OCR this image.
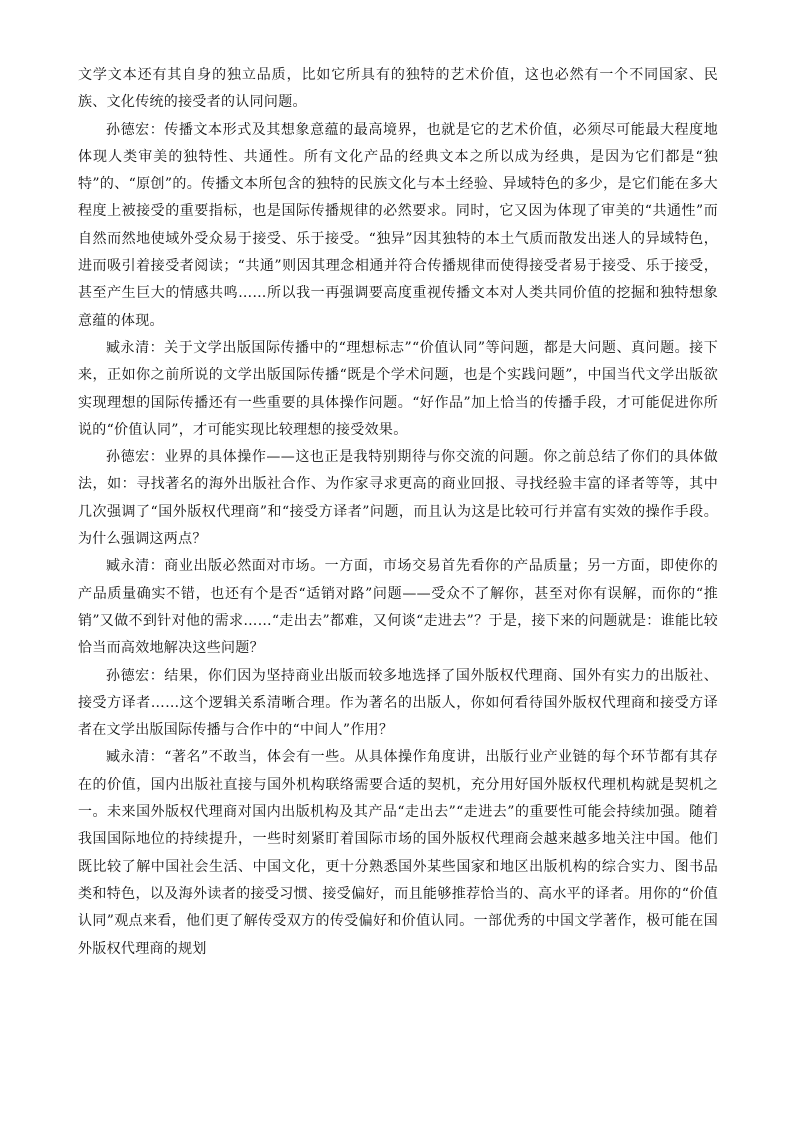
文学文本还有其自身的独立品质，比如它所具有的独特的艺术价值，这也必然有一个不同国家、民族、文化传统的接受者的认同问题。

孙德宏：传播文本形式及其想象意蕴的最高境界，也就是它的艺术价值，必须尽可能最大程度地体现人类审美的独特性、共通性。所有文化产品的经典文本之所以成为经典，是因为它们都是“独特”的、“原创”的。传播文本所包含的独特的民族文化与本土经验、异域特色的多少，是它们能在多大程度上被接受的重要指标，也是国际传播规律的必然要求。同时，它又因为体现了审美的“共通性”而自然而然地使域外受众易于接受、乐于接受。“独异”因其独特的本土气质而散发出迷人的异域特色，进而吸引着接受者阅读；“共通”则因其理念相通并符合传播规律而使得接受者易于接受、乐于接受，甚至产生巨大的情感共鸣……所以我一再强调要高度重视传播文本对人类共同价值的挖掘和独特想象意蕴的体现。

臧永清：关于文学出版国际传播中的“理想标志”“价值认同”等问题，都是大问题、真问题。接下来，正如你之前所说的文学出版国际传播“既是个学术问题，也是个实践问题”，中国当代文学出版欲实现理想的国际传播还有一些重要的具体操作问题。“好作品”加上恰当的传播手段，才可能促进你所说的“价值认同”，才可能实现比较理想的接受效果。

孙德宏：业界的具体操作——这也正是我特别期待与你交流的问题。你之前总结了你们的具体做法，如：寻找著名的海外出版社合作、为作家寻求更高的商业回报、寻找经验丰富的译者等等，其中几次强调了“国外版权代理商”和“接受方译者”问题，而且认为这是比较可行并富有实效的操作手段。为什么强调这两点？

臧永清：商业出版必然面对市场。一方面，市场交易首先看你的产品质量；另一方面，即使你的产品质量确实不错，也还有个是否“适销对路”问题——受众不了解你，甚至对你有误解，而你的“推销”又做不到针对他的需求……“走出去”都难，又何谈“走进去”？于是，接下来的问题就是：谁能比较恰当而高效地解决这些问题？

孙德宏：结果，你们因为坚持商业出版而较多地选择了国外版权代理商、国外有实力的出版社、接受方译者……这个逻辑关系清晰合理。作为著名的出版人，你如何看待国外版权代理商和接受方译者在文学出版国际传播与合作中的“中间人”作用？

臧永清：“著名”不敢当，体会有一些。从具体操作角度讲，出版行业产业链的每个环节都有其存在的价值，国内出版社直接与国外机构联络需要合适的契机，充分用好国外版权代理机构就是契机之一。未来国外版权代理商对国内出版机构及其产品“走出去”“走进去”的重要性可能会持续加强。随着我国国际地位的持续提升，一些时刻紧盯着国际市场的国外版权代理商会越来越多地关注中国。他们既比较了解中国社会生活、中国文化，更十分熟悉国外某些国家和地区出版机构的综合实力、图书品类和特色，以及海外读者的接受习惯、接受偏好，而且能够推荐恰当的、高水平的译者。用你的“价值认同”观点来看，他们更了解传受双方的传受偏好和价值认同。一部优秀的中国文学著作，极可能在国外版权代理商的规划
